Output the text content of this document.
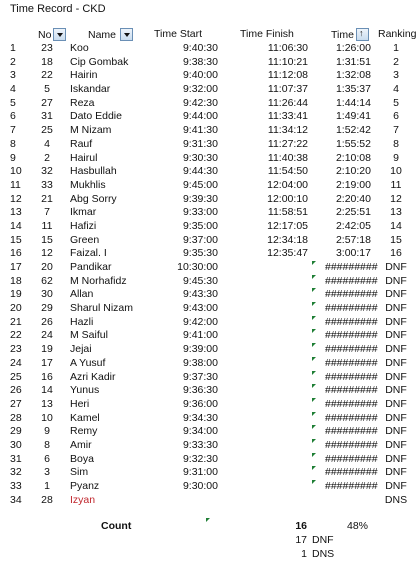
Time Record - CKD
No	Name	Time Start	Time Finish	Time
↑ Ranking
1	23	Koo	9:40:30	11:06:30	1:26:00	1
2	18	Cip Gombak	9:38:30	11:10:21	1:31:51	2
3	22	Hairin	9:40:00	11:12:08	1:32:08	3
4	5	Iskandar	9:32:00	11:07:37	1:35:37	4
5	27	Reza	9:42:30	11:26:44	1:44:14	5
6	31	Dato Eddie	9:44:00	11:33:41	1:49:41	6
7	25	M Nizam	9:41:30	11:34:12	1:52:42	7
8	4	Rauf	9:31:30	11:27:22	1:55:52	8
9	2	Hairul	9:30:30	11:40:38	2:10:08	9
10	32	Hasbullah	9:44:30	11:54:50	2:10:20	10
11	33	Mukhlis	9:45:00	12:04:00	2:19:00	11
12	21	Abg Sorry	9:39:30	12:00:10	2:20:40	12
13	7	Ikmar	9:33:00	11:58:51	2:25:51	13
14	11	Hafizi	9:35:00	12:17:05	2:42:05	14
15	15	Green	9:37:00	12:34:18	2:57:18	15
16	12	Faizal. I	9:35:30	12:35:47	3:00:17	16
17	20	Pandikar	10:30:00	######### DNF
18	62	M Norhafidz	9:45:30	######### DNF
19	30	Allan	9:43:30	######### DNF
20	29	Sharul Nizam	9:43:00	######### DNF
21	26	Hazli	9:42:00	######### DNF
22	24	M Saiful	9:41:00	######### DNF
23	19	Jejai	9:39:00	######### DNF
24	17	A Yusuf	9:38:00	######### DNF
25	16	Azri Kadir	9:37:30	######### DNF
26	14	Yunus	9:36:30	######### DNF
27	13	Heri	9:36:00	######### DNF
28	10	Kamel	9:34:30	######### DNF
29	9	Remy	9:34:00	######### DNF
30	8	Amir	9:33:30	######### DNF
31	6	Boya	9:32:30	######### DNF
32	3	Sim	9:31:00	######### DNF
33	1	Pyanz	9:30:00	######### DNF
34	28	Izyan	DNS
Count	16	48%
17 DNF
1 DNS
